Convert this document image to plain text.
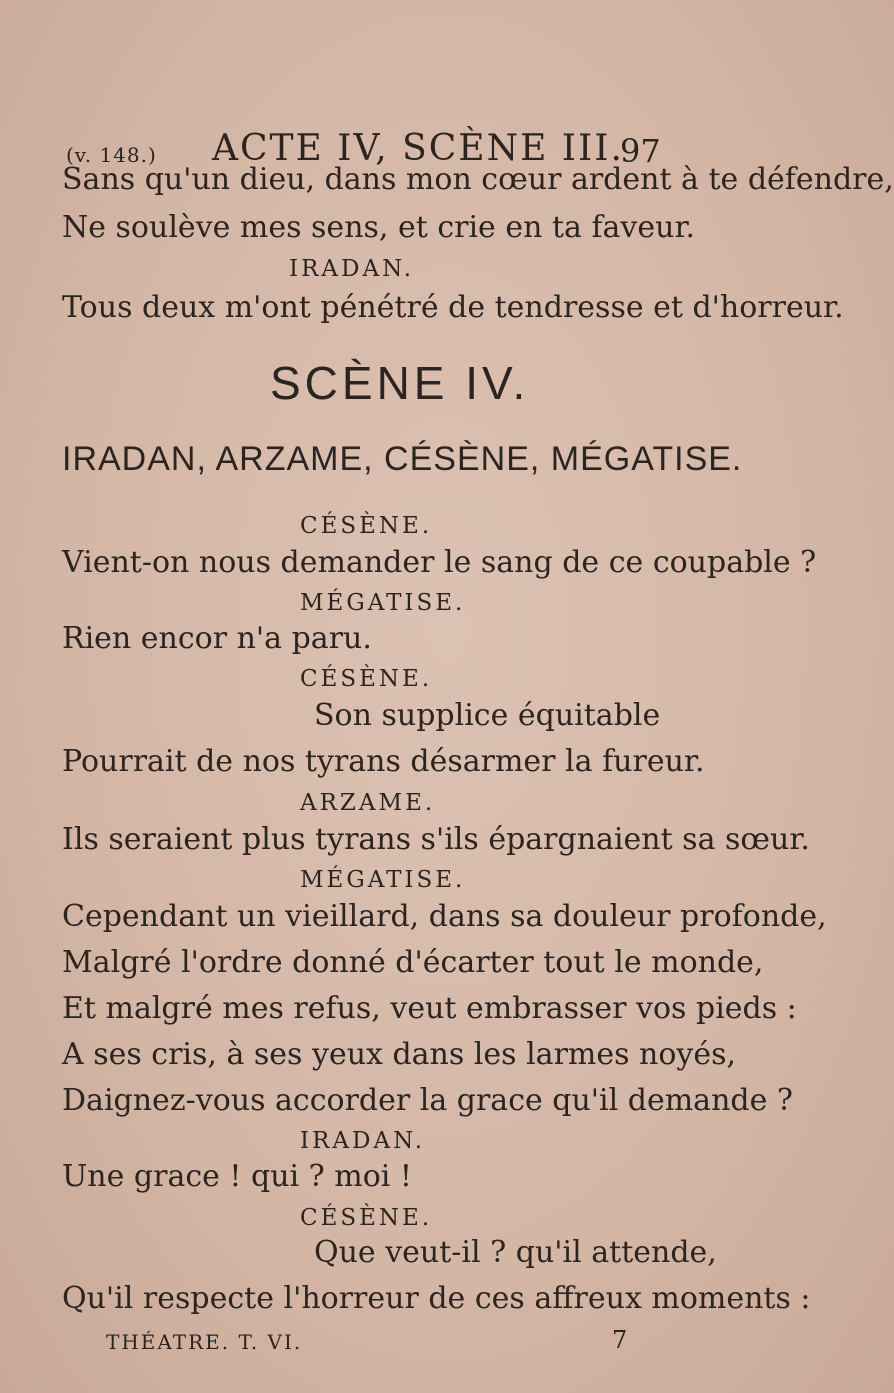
(v. 148.) ACTE IV, SCÈNE III.
97
Sans qu'un dieu, dans mon cœur ardent à te défendre,
Ne soulève mes sens, et crie en ta faveur.
IRADAN.
Tous deux m'ont pénétré de tendresse et d'horreur.
SCÈNE IV.
IRADAN, ARZAME, CÉSÈNE, MÉGATISE.
CÉSÈNE.
Vient-on nous demander le sang de ce coupable ?
MÉGATISE.
Rien encor n'a paru.
CÉSÈNE.
Son supplice équitable
Pourrait de nos tyrans désarmer la fureur.
ARZAME.
Ils seraient plus tyrans s'ils épargnaient sa sœur.
MÉGATISE.
Cependant un vieillard, dans sa douleur profonde,
Malgré l'ordre donné d'écarter tout le monde,
Et malgré mes refus, veut embrasser vos pieds :
A ses cris, à ses yeux dans les larmes noyés,
Daignez-vous accorder la grace qu'il demande ?
IRADAN.
Une grace ! qui ? moi !
CÉSÈNE.
Que veut-il ? qu'il attende,
Qu'il respecte l'horreur de ces affreux moments :
THÉATRE. T. VI.	7
